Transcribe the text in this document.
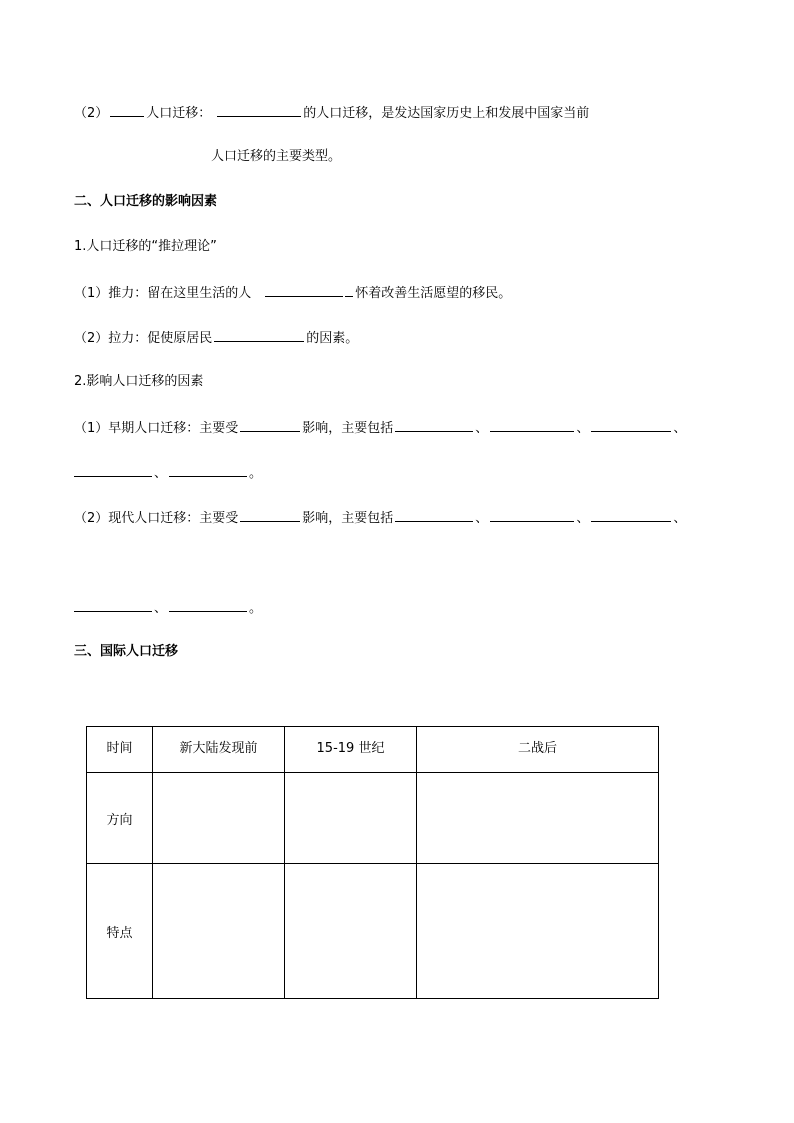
（2）	人口迁移：	的人口迁移，是发达国家历史上和发展中国家当前
人口迁移的主要类型。
二、人口迁移的影响因素
1.人口迁移的“推拉理论”
（1）推力：留在这里生活的人	怀着改善生活愿望的移民。
（2）拉力：促使原居民	的因素。
2.影响人口迁移的因素
（1）早期人口迁移：主要受	影响，主要包括	、	、	、
、	。
（2）现代人口迁移：主要受	影响，主要包括	、	、	、
、	。
三、国际人口迁移
时间	新大陆发现前	15-19 世纪	二战后

方向			
特点			
